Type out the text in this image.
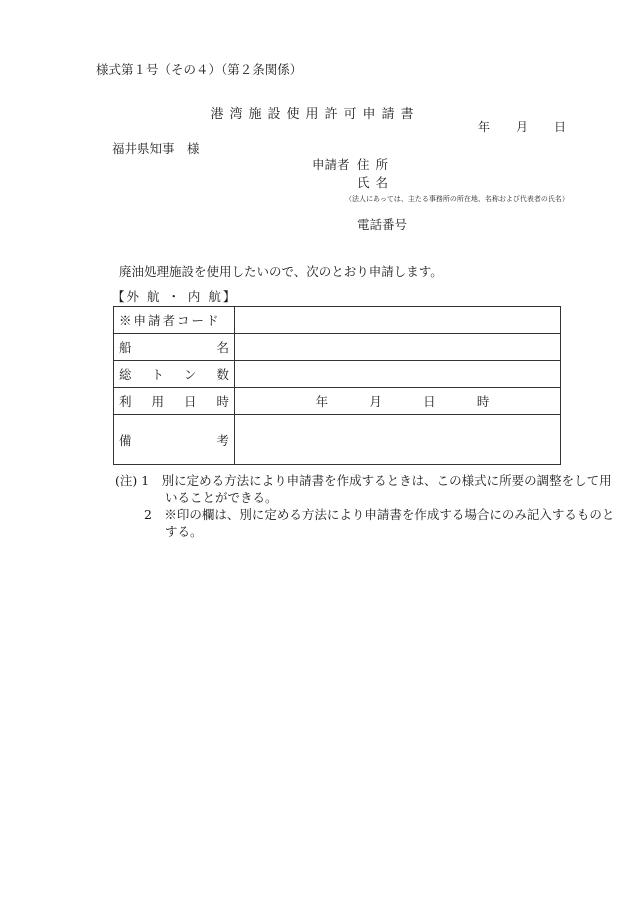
様式第１号（その４）（第２条関係）
港湾施設使用許可申請書
年 月 日
福井県知事　様
申請者 住所
氏名
（法人にあっては、主たる事務所の所在地、名称および代表者の氏名）
電話番号
廃油処理施設を使用したいので、次のとおり申請します。
【外 航 ・ 内 航】
※申請者コード	

船 名	

総 ト ン 数	

利 用 日 時	年 月 日 時

備 考	

(注) 1　別に定める方法により申請書を作成するときは、この様式に所要の調整をして用
　　　　いることができる。
　　 2　※印の欄は、別に定める方法により申請書を作成する場合にのみ記入するものと
　　　　する。
